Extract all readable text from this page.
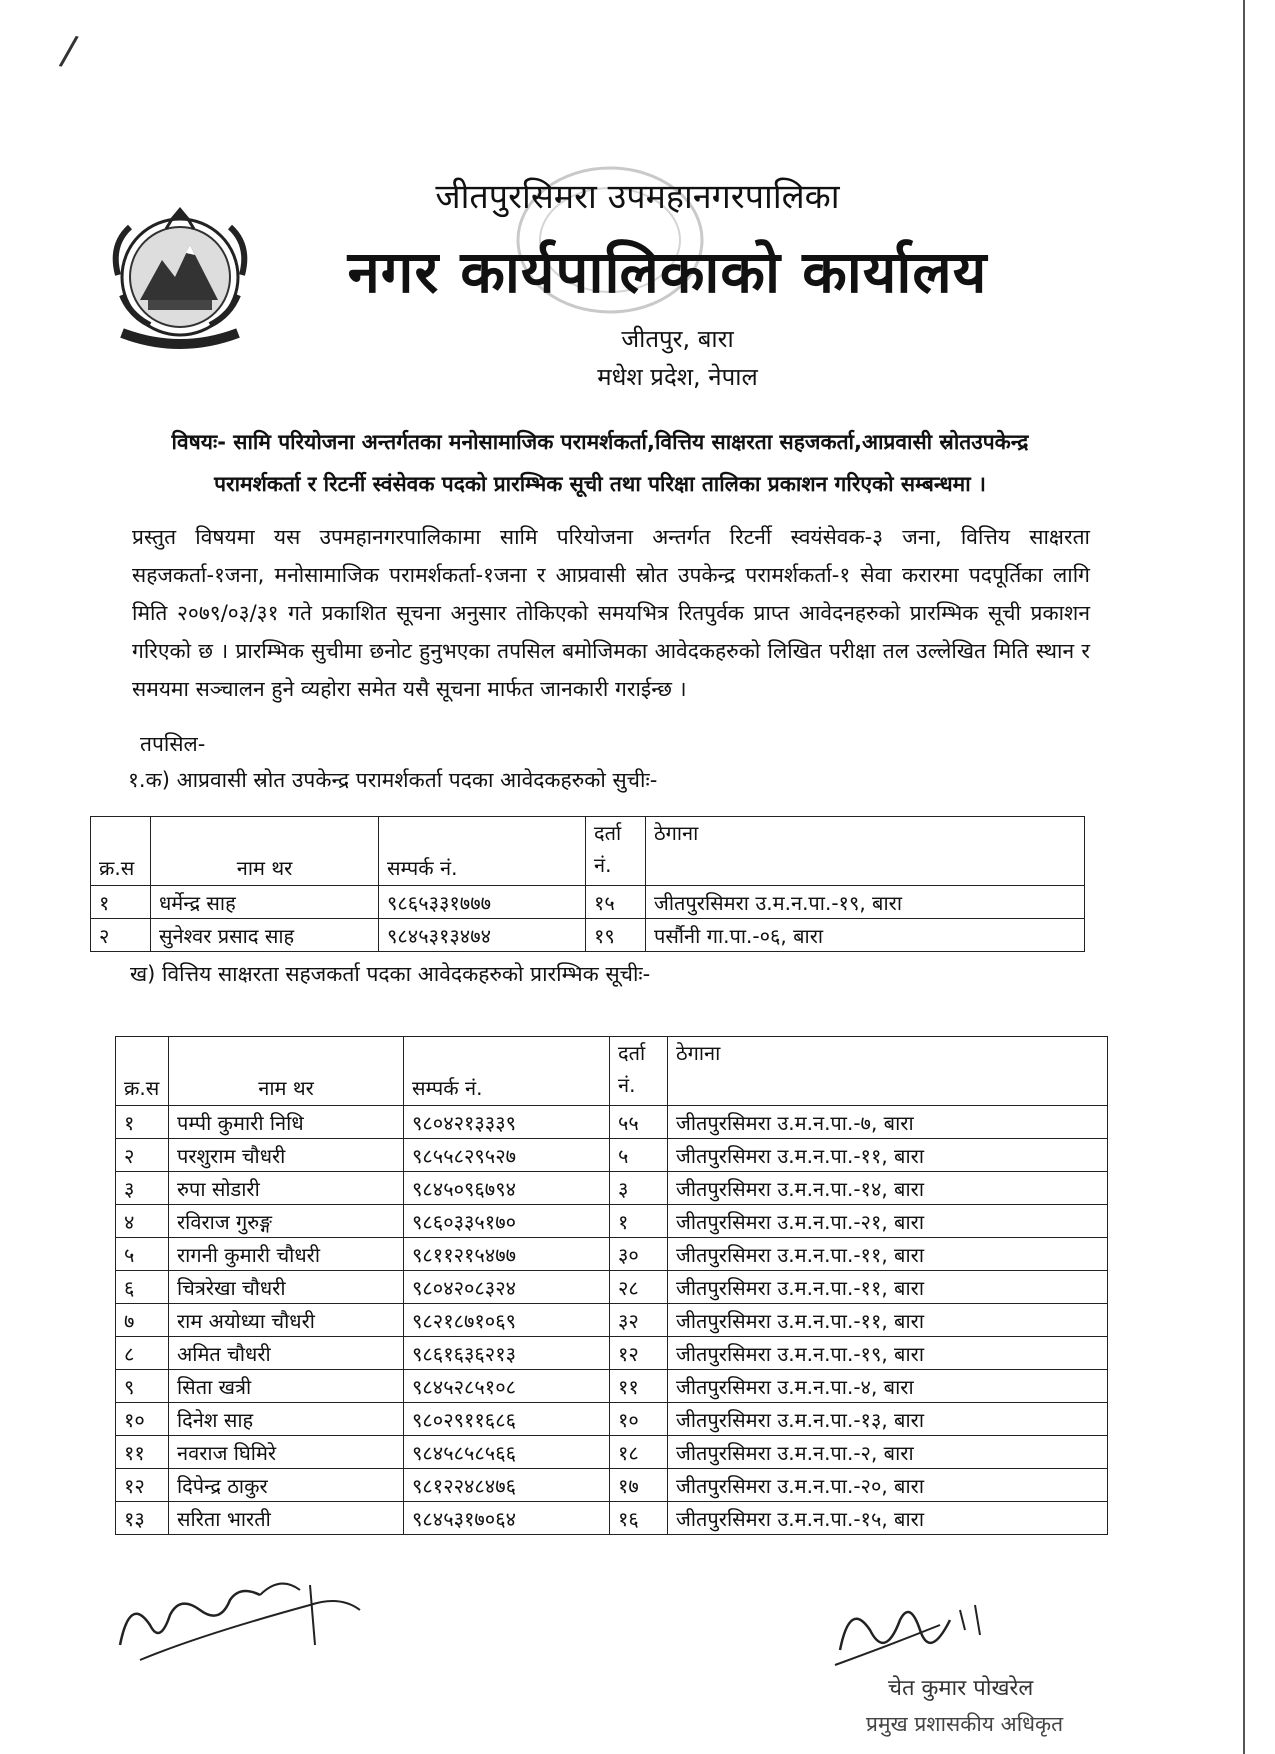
/
जीतपुरसिमरा उपमहानगरपालिका
नगर कार्यपालिकाको कार्यालय
जीतपुर, बारा
मधेश प्रदेश, नेपाल
विषयः- सामि परियोजना अन्तर्गतका मनोसामाजिक परामर्शकर्ता,वित्तिय साक्षरता सहजकर्ता,आप्रवासी स्रोतउपकेन्द्र
परामर्शकर्ता र रिटर्नी स्वंसेवक पदको प्रारम्भिक सूची तथा परिक्षा तालिका प्रकाशन गरिएको सम्बन्धमा ।
प्रस्तुत विषयमा यस उपमहानगरपालिकामा सामि परियोजना अन्तर्गत रिटर्नी स्वयंसेवक-३ जना, वित्तिय साक्षरता सहजकर्ता-१जना, मनोसामाजिक परामर्शकर्ता-१जना र आप्रवासी स्रोत उपकेन्द्र परामर्शकर्ता-१ सेवा करारमा पदपूर्तिका लागि मिति २०७९/०३/३१ गते प्रकाशित सूचना अनुसार तोकिएको समयभित्र रितपुर्वक प्राप्त आवेदनहरुको प्रारम्भिक सूची प्रकाशन गरिएको छ । प्रारम्भिक सुचीमा छनोट हुनुभएका तपसिल बमोजिमका आवेदकहरुको लिखित परीक्षा तल उल्लेखित मिति स्थान र समयमा सञ्चालन हुने व्यहोरा समेत यसै सूचना मार्फत जानकारी गराईन्छ ।
तपसिल-
१.क) आप्रवासी स्रोत उपकेन्द्र परामर्शकर्ता पदका आवेदकहरुको सुचीः-
क्र.स	नाम थर	सम्पर्क नं.	दर्ता नं.	ठेगाना
१	धर्मेन्द्र साह	९८६५३३१७७७	१५	जीतपुरसिमरा उ.म.न.पा.-१९, बारा
२	सुनेश्वर प्रसाद साह	९८४५३१३४७४	१९	पर्सौनी गा.पा.-०६, बारा
ख) वित्तिय साक्षरता सहजकर्ता पदका आवेदकहरुको प्रारम्भिक सूचीः-
क्र.स	नाम थर	सम्पर्क नं.	दर्ता नं.	ठेगाना
१	पम्पी कुमारी निधि	९८०४२१३३३९	५५	जीतपुरसिमरा उ.म.न.पा.-७, बारा
२	परशुराम चौधरी	९८५५८२९५२७	५	जीतपुरसिमरा उ.म.न.पा.-११, बारा
३	रुपा सोडारी	९८४५०९६७९४	३	जीतपुरसिमरा उ.म.न.पा.-१४, बारा
४	रविराज गुरुङ्ग	९८६०३३५१७०	१	जीतपुरसिमरा उ.म.न.पा.-२१, बारा
५	रागनी कुमारी चौधरी	९८११२१५४७७	३०	जीतपुरसिमरा उ.म.न.पा.-११, बारा
६	चित्ररेखा चौधरी	९८०४२०८३२४	२८	जीतपुरसिमरा उ.म.न.पा.-११, बारा
७	राम अयोध्या चौधरी	९८२१८७१०६९	३२	जीतपुरसिमरा उ.म.न.पा.-११, बारा
८	अमित चौधरी	९८६१६३६२१३	१२	जीतपुरसिमरा उ.म.न.पा.-१९, बारा
९	सिता खत्री	९८४५२८५१०८	११	जीतपुरसिमरा उ.म.न.पा.-४, बारा
१०	दिनेश साह	९८०२९११६८६	१०	जीतपुरसिमरा उ.म.न.पा.-१३, बारा
११	नवराज घिमिरे	९८४५८५८५६६	१८	जीतपुरसिमरा उ.म.न.पा.-२, बारा
१२	दिपेन्द्र ठाकुर	९८१२२४८४७६	१७	जीतपुरसिमरा उ.म.न.पा.-२०, बारा
१३	सरिता भारती	९८४५३१७०६४	१६	जीतपुरसिमरा उ.म.न.पा.-१५, बारा
चेत कुमार पोखरेल
प्रमुख प्रशासकीय अधिकृत
